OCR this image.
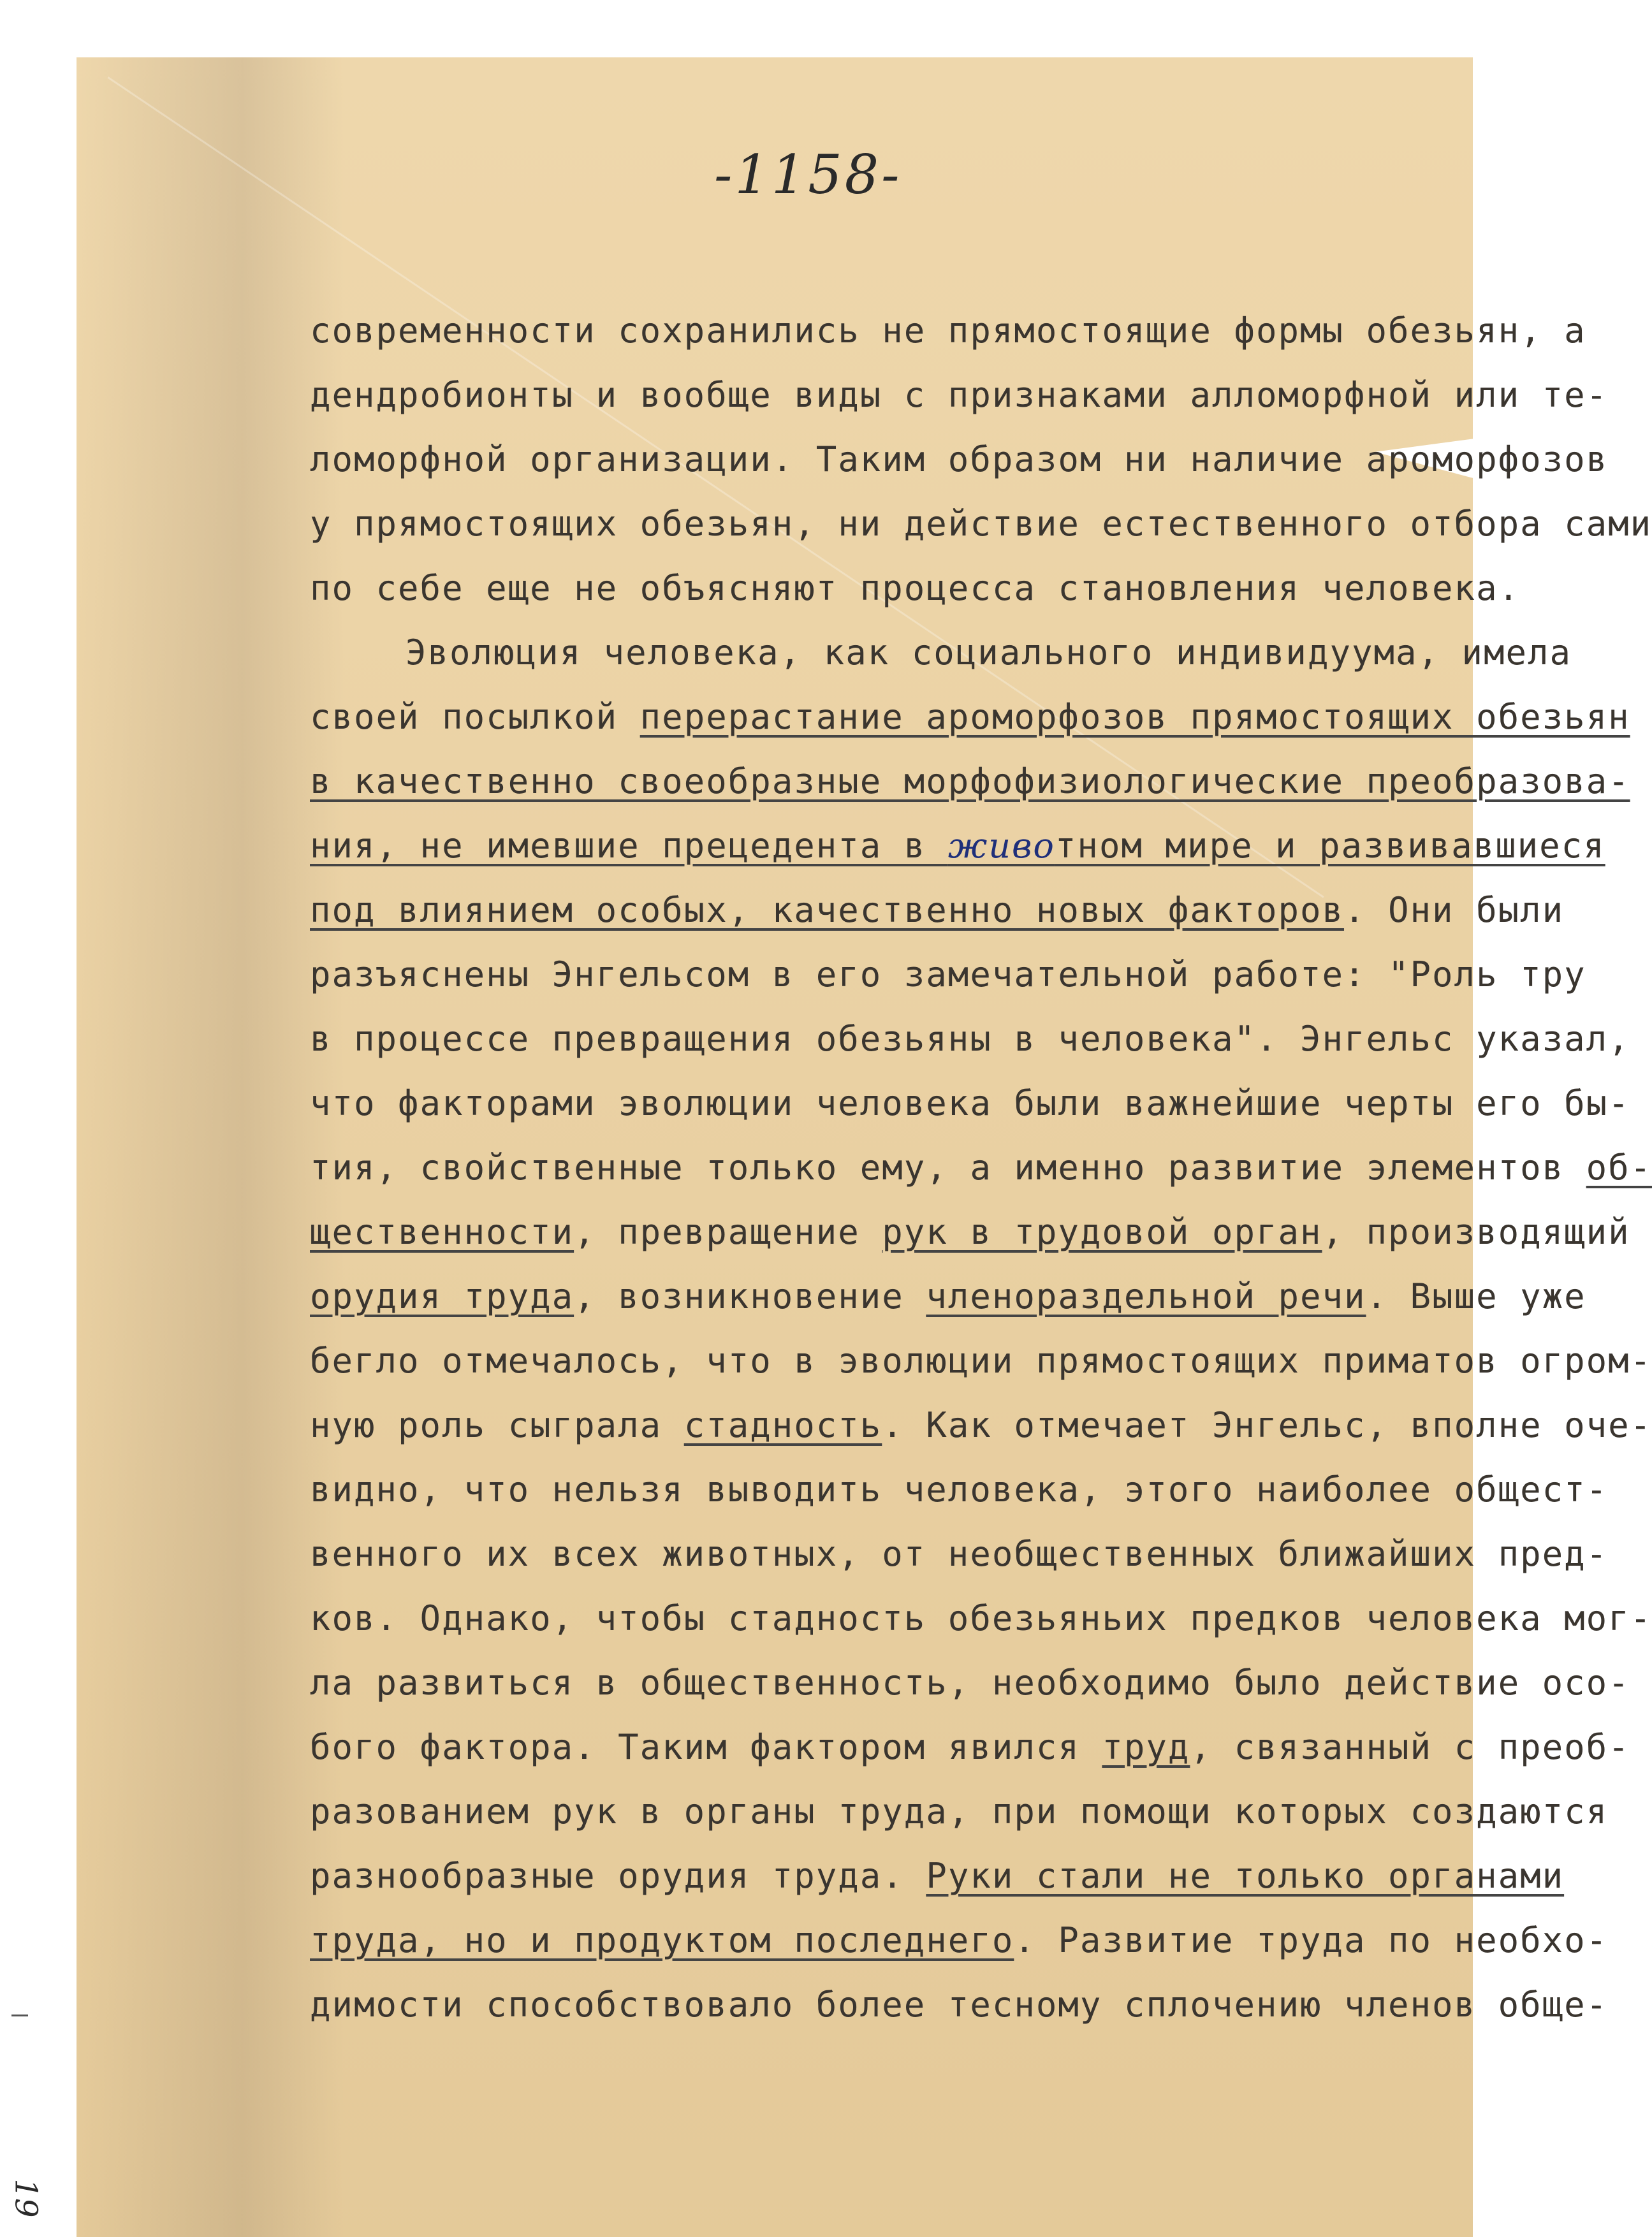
-1158-
современности сохранились не прямостоящие формы обезьян, а
дендробионты и вообще виды с признаками алломорфной или те-
ломорфной организации. Таким образом ни наличие ароморфозов
у прямостоящих обезьян, ни действие естественного отбора сами
по себе еще не объясняют процесса становления человека.
Эволюция человека, как социального индивидуума, имела
своей посылкой перерастание ароморфозов прямостоящих обезьян
в качественно своеобразные морфофизиологические преобразова-
ния, не имевшие прецедента в животном мире и развивавшиеся
под влиянием особых, качественно новых факторов. Они были
разъяснены Энгельсом в его замечательной работе: "Роль тру
в процессе превращения обезьяны в человека". Энгельс указал,
что факторами эволюции человека были важнейшие черты его бы-
тия, свойственные только ему, а именно развитие элементов об-
щественности, превращение рук в трудовой орган, производящий
орудия труда, возникновение членораздельной речи. Выше уже
бегло отмечалось, что в эволюции прямостоящих приматов огром-
ную роль сыграла стадность. Как отмечает Энгельс, вполне оче-
видно, что нельзя выводить человека, этого наиболее общест-
венного их всех животных, от необщественных ближайших пред-
ков. Однако, чтобы стадность обезьяньих предков человека мог-
ла развиться в общественность, необходимо было действие осо-
бого фактора. Таким фактором явился труд, связанный с преоб-
разованием рук в органы труда, при помощи которых создаются
разнообразные орудия труда. Руки стали не только органами
труда, но и продуктом последнего. Развитие труда по необхо-
димости способствовало более тесному сплочению членов обще-
19
